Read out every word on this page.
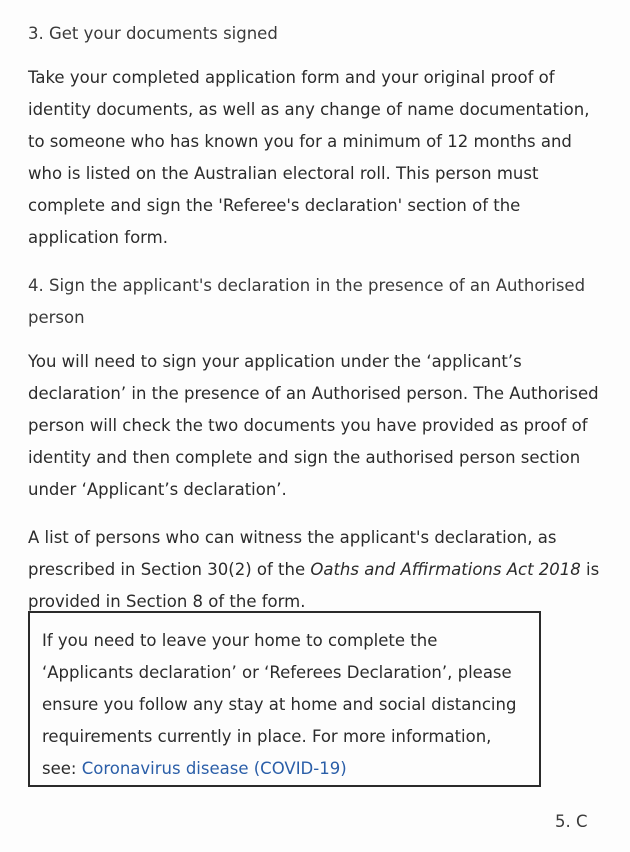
3. Get your documents signed

Take your completed application form and your original proof of identity documents, as well as any change of name documentation, to someone who has known you for a minimum of 12 months and who is listed on the Australian electoral roll. This person must complete and sign the 'Referee's declaration' section of the application form.

4. Sign the applicant's declaration in the presence of an Authorised person

You will need to sign your application under the ‘applicant’s declaration’ in the presence of an Authorised person. The Authorised person will check the two documents you have provided as proof of identity and then complete and sign the authorised person section under ‘Applicant’s declaration’.

A list of persons who can witness the applicant's declaration, as prescribed in Section 30(2) of the Oaths and Affirmations Act 2018 is provided in Section 8 of the form.

If you need to leave your home to complete the ‘Applicants declaration’ or ‘Referees Declaration’, please ensure you follow any stay at home and social distancing requirements currently in place. For more information, see: Coronavirus disease (COVID-19)

5. C
